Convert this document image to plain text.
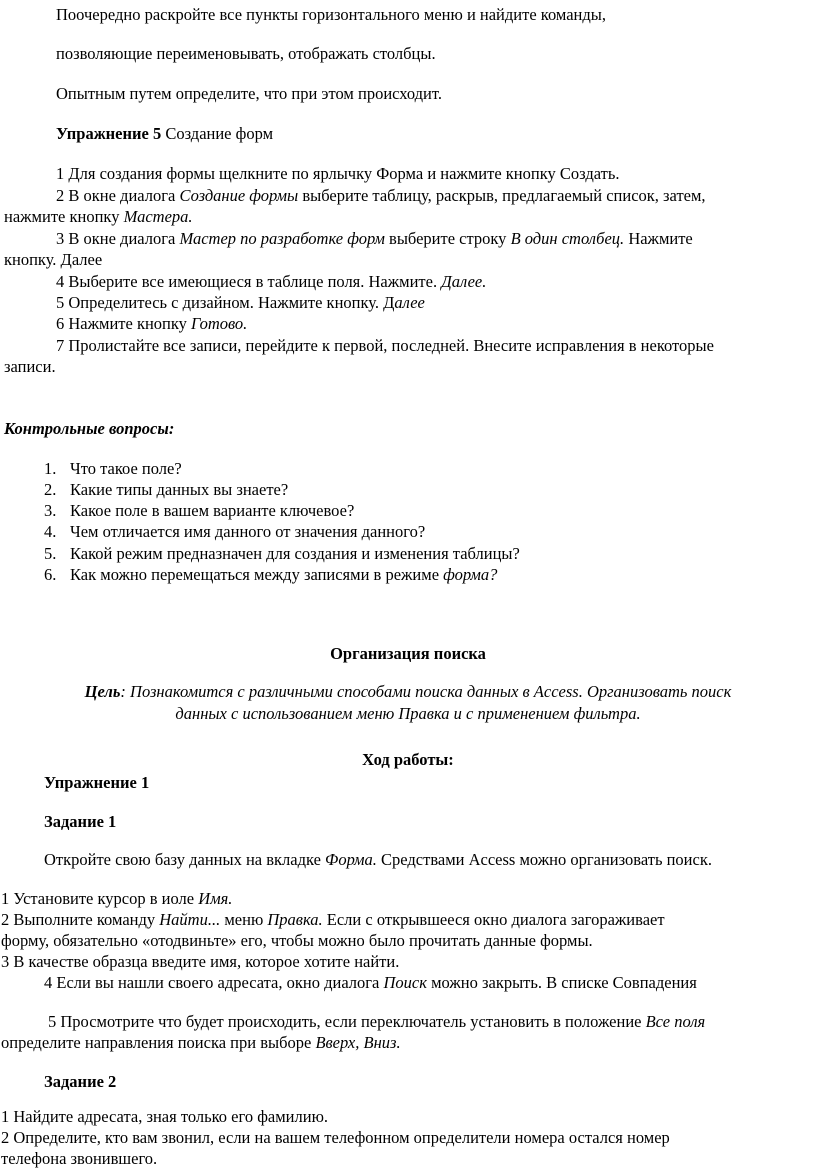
Поочередно раскройте все пункты горизонтального меню и найдите команды,

позволяющие переименовывать, отображать столбцы.

Опытным путем определите, что при этом происходит.

Упражнение 5 Создание форм

1 Для создания формы щелкните по ярлычку Форма и нажмите кнопку Создать.

2 В окне диалога Создание формы выберите таблицу, раскрыв, предлагаемый список, затем,

нажмите кнопку Мастера.

3 В окне диалога Мастер по разработке форм выберите строку В один столбец. Нажмите

кнопку. Далее

4 Выберите все имеющиеся в таблице поля. Нажмите. Далее.

5 Определитесь с дизайном. Нажмите кнопку. Далее

6 Нажмите кнопку Готово.

7 Пролистайте все записи, перейдите к первой, последней. Внесите исправления в некоторые

записи.

Контрольные вопросы:

1. Что такое поле?

2. Какие типы данных вы знаете?

3. Какое поле в вашем варианте ключевое?

4. Чем отличается имя данного от значения данного?

5. Какой режим предназначен для создания и изменения таблицы?

6. Как можно перемещаться между записями в режиме форма?

Организация поиска

Цель: Познакомится с различными способами поиска данных в Access. Организовать поиск

данных с использованием меню Правка и с применением фильтра.

Ход работы:

Упражнение 1

Задание 1

Откройте свою базу данных на вкладке Форма. Средствами Access можно организовать поиск.

1 Установите курсор в иоле Имя.

2 Выполните команду Найти... меню Правка. Если с открывшееся окно диалога загораживает

форму, обязательно «отодвиньте» его, чтобы можно было прочитать данные формы.

3 В качестве образца введите имя, которое хотите найти.

4 Если вы нашли своего адресата, окно диалога Поиск можно закрыть. В списке Совпадения

5 Просмотрите что будет происходить, если переключатель установить в положение Все поля

определите направления поиска при выборе Вверх, Вниз.

Задание 2

1 Найдите адресата, зная только его фамилию.

2 Определите, кто вам звонил, если на вашем телефонном определители номера остался номер

телефона звонившего.
